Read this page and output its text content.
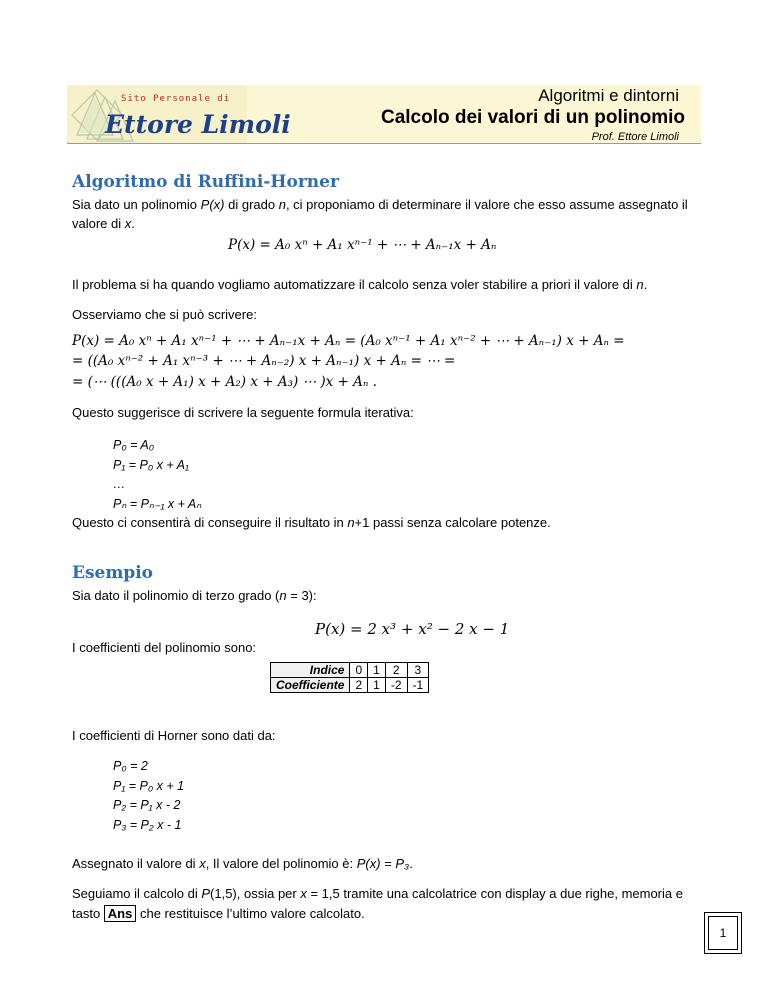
Sito Personale di
Ettore Limoli
Algoritmi e dintorni
Calcolo dei valori di un polinomio
Prof. Ettore Limoli
Algoritmo di Ruffini-Horner
Sia dato un polinomio P(x) di grado n, ci proponiamo di determinare il valore che esso assume assegnato il valore di x.
P(x) = A₀ xⁿ + A₁ xⁿ⁻¹ + ⋯ + Aₙ₋₁x + Aₙ
Il problema si ha quando vogliamo automatizzare il calcolo senza voler stabilire a priori il valore di n.
Osserviamo che si può scrivere:
P(x) = A₀ xⁿ + A₁ xⁿ⁻¹ + ⋯ + Aₙ₋₁x + Aₙ = (A₀ xⁿ⁻¹ + A₁ xⁿ⁻² + ⋯ + Aₙ₋₁) x + Aₙ =
= ((A₀ xⁿ⁻² + A₁ xⁿ⁻³ + ⋯ + Aₙ₋₂) x + Aₙ₋₁) x + Aₙ = ⋯ =
= (⋯ (((A₀ x + A₁) x + A₂) x + A₃) ⋯ )x + Aₙ .
Questo suggerisce di scrivere la seguente formula iterativa:
P₀ = A₀
P₁ = P₀ x + A₁
…
Pₙ = Pₙ₋₁ x + Aₙ
Questo ci consentirà di conseguire il risultato in n+1 passi senza calcolare potenze.
Esempio
Sia dato il polinomio di terzo grado (n = 3):
P(x) = 2 x³ + x² − 2 x − 1
I coefficienti del polinomio sono:
Indice	0	1	2	3
Coefficiente	2	1	-2	-1
I coefficienti di Horner sono dati da:
P₀ = 2
P₁ = P₀ x + 1
P₂ = P₁ x - 2
P₃ = P₂ x - 1
Assegnato il valore di x, Il valore del polinomio è: P(x) = P₃.
Seguiamo il calcolo di P(1,5), ossia per x = 1,5 tramite una calcolatrice con display a due righe, memoria e
tasto Ans che restituisce l’ultimo valore calcolato.
1
